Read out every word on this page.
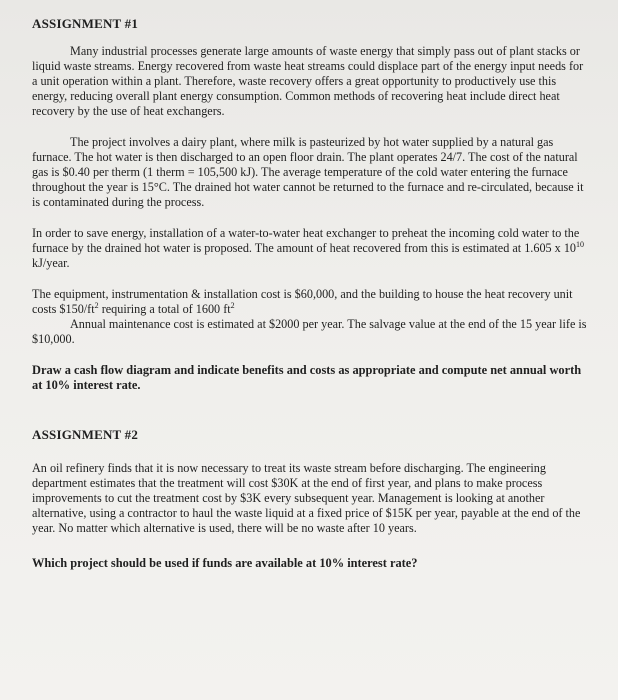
ASSIGNMENT #1

Many industrial processes generate large amounts of waste energy that simply pass out of plant stacks or liquid waste streams. Energy recovered from waste heat streams could displace part of the energy input needs for a unit operation within a plant. Therefore, waste recovery offers a great opportunity to productively use this energy, reducing overall plant energy consumption. Common methods of recovering heat include direct heat recovery by the use of heat exchangers.

The project involves a dairy plant, where milk is pasteurized by hot water supplied by a natural gas furnace. The hot water is then discharged to an open floor drain. The plant operates 24/7. The cost of the natural gas is $0.40 per therm (1 therm = 105,500 kJ). The average temperature of the cold water entering the furnace throughout the year is 15°C. The drained hot water cannot be returned to the furnace and re-circulated, because it is contaminated during the process.

In order to save energy, installation of a water-to-water heat exchanger to preheat the incoming cold water to the furnace by the drained hot water is proposed. The amount of heat recovered from this is estimated at 1.605 x $10^{10}$ kJ/year.

The equipment, instrumentation & installation cost is $60,000, and the building to house the heat recovery unit costs $\$150/ft^2$ requiring a total of 1600 $ft^2$
Annual maintenance cost is estimated at $2000 per year. The salvage value at the end of the 15 year life is $10,000.

Draw a cash flow diagram and indicate benefits and costs as appropriate and compute net annual worth at 10% interest rate.

ASSIGNMENT #2

An oil refinery finds that it is now necessary to treat its waste stream before discharging. The engineering department estimates that the treatment will cost $30K at the end of first year, and plans to make process improvements to cut the treatment cost by $3K every subsequent year. Management is looking at another alternative, using a contractor to haul the waste liquid at a fixed price of $15K per year, payable at the end of the year. No matter which alternative is used, there will be no waste after 10 years.

Which project should be used if funds are available at 10% interest rate?
